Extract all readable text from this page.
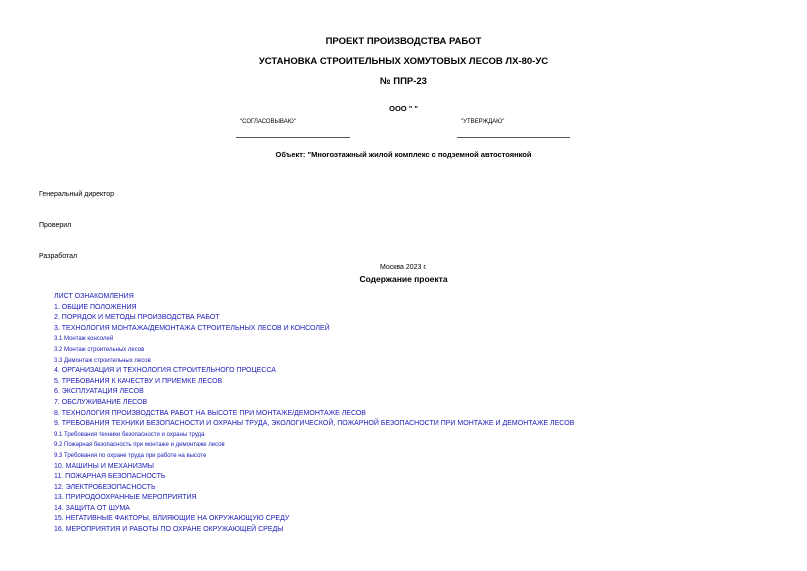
ПРОЕКТ ПРОИЗВОДСТВА РАБОТ
УСТАНОВКА СТРОИТЕЛЬНЫХ ХОМУТОВЫХ ЛЕСОВ ЛХ-80-УС
№ ППР-23
ООО " "
"СОГЛАСОВЫВАЮ"	"УТВЕРЖДАЮ"
Объект: "Многоэтажный жилой комплекс с подземной автостоянкой
Генеральный директор
Проверил
Разработал
Москва 2023 г.
Содержание проекта
ЛИСТ ОЗНАКОМЛЕНИЯ
1. ОБЩИЕ ПОЛОЖЕНИЯ
2. ПОРЯДОК И МЕТОДЫ ПРОИЗВОДСТВА РАБОТ
3. ТЕХНОЛОГИЯ МОНТАЖА/ДЕМОНТАЖА СТРОИТЕЛЬНЫХ ЛЕСОВ И КОНСОЛЕЙ
3.1 Монтаж консолей
3.2 Монтаж строительных лесов
3.3 Демонтаж строительных лесов
4. ОРГАНИЗАЦИЯ И ТЕХНОЛОГИЯ СТРОИТЕЛЬНОГО ПРОЦЕССА
5. ТРЕБОВАНИЯ К КАЧЕСТВУ И ПРИЕМКЕ ЛЕСОВ
6. ЭКСПЛУАТАЦИЯ ЛЕСОВ
7. ОБСЛУЖИВАНИЕ ЛЕСОВ
8. ТЕХНОЛОГИЯ ПРОИЗВОДСТВА РАБОТ НА ВЫСОТЕ ПРИ МОНТАЖЕ/ДЕМОНТАЖЕ ЛЕСОВ
9. ТРЕБОВАНИЯ ТЕХНИКИ БЕЗОПАСНОСТИ И ОХРАНЫ ТРУДА, ЭКОЛОГИЧЕСКОЙ, ПОЖАРНОЙ БЕЗОПАСНОСТИ ПРИ МОНТАЖЕ И ДЕМОНТАЖЕ ЛЕСОВ
9.1 Требования техники безопасности и охраны труда
9.2 Пожарная безопасность при монтаже и демонтаже лесов
9.3 Требования по охране труда при работе на высоте
10. МАШИНЫ И МЕХАНИЗМЫ
11. ПОЖАРНАЯ БЕЗОПАСНОСТЬ
12. ЭЛЕКТРОБЕЗОПАСНОСТЬ
13. ПРИРОДООХРАННЫЕ МЕРОПРИЯТИЯ
14. ЗАЩИТА ОТ ШУМА
15. НЕГАТИВНЫЕ ФАКТОРЫ, ВЛИЯЮЩИЕ НА ОКРУЖАЮЩУЮ СРЕДУ
16. МЕРОПРИЯТИЯ И РАБОТЫ ПО ОХРАНЕ ОКРУЖАЮЩЕЙ СРЕДЫ
